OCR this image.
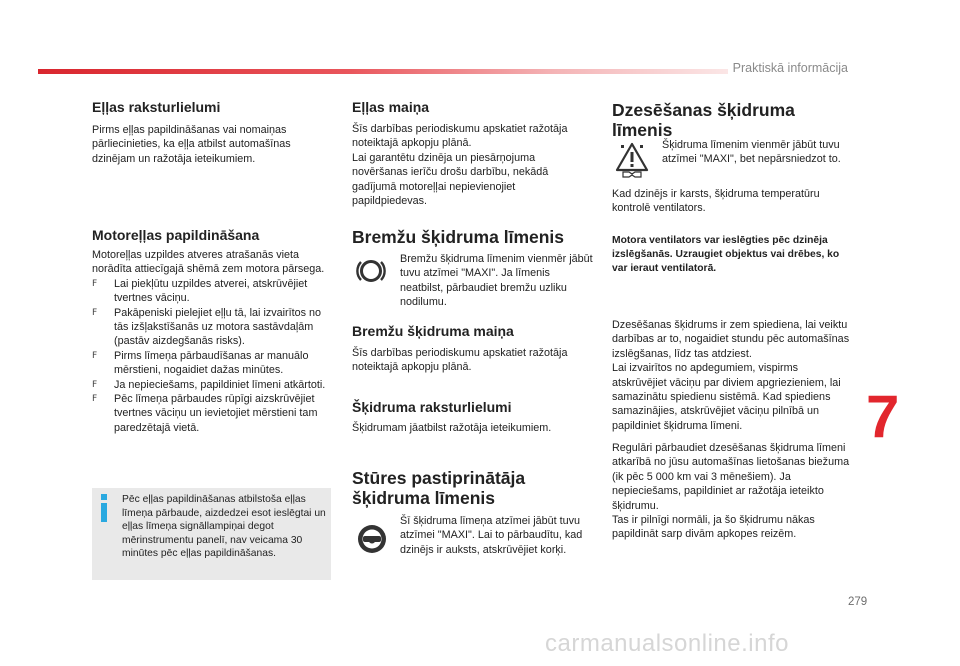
Praktiskā informācija
Eļļas raksturlielumi

Pirms eļļas papildināšanas vai nomaiņas pārliecinieties, ka eļļa atbilst automašīnas dzinējam un ražotāja ieteikumiem.

Motoreļļas papildināšana

Motoreļļas uzpildes atveres atrašanās vieta norādīta attiecīgajā shēmā zem motora pārsega.

F Lai piekļūtu uzpildes atverei, atskrūvējiet tvertnes vāciņu.
F Pakāpeniski pielejiet eļļu tā, lai izvairītos no tās izšļakstīšanās uz motora sastāvdaļām (pastāv aizdegšanās risks).
F Pirms līmeņa pārbaudīšanas ar manuālo mērstieni, nogaidiet dažas minūtes.
F Ja nepieciešams, papildiniet līmeni atkārtoti.
F Pēc līmeņa pārbaudes rūpīgi aizskrūvējiet tvertnes vāciņu un ievietojiet mērstieni tam paredzētajā vietā.
Pēc eļļas papildināšanas atbilstoša eļļas līmeņa pārbaude, aizdedzei esot ieslēgtai un eļļas līmeņa signāllampiņai degot mērinstrumentu panelī, nav veicama 30 minūtes pēc eļļas papildināšanas.
Eļļas maiņa

Šīs darbības periodiskumu apskatiet ražotāja noteiktajā apkopju plānā.

Lai garantētu dzinēja un piesārņojuma novēršanas ierīču drošu darbību, nekādā gadījumā motoreļļai nepievienojiet papildpiedevas.

Bremžu šķidruma līmenis
Bremžu šķidruma līmenim vienmēr jābūt tuvu atzīmei "MAXI". Ja līmenis neatbilst, pārbaudiet bremžu uzliku nodilumu.
Bremžu šķidruma maiņa

Šīs darbības periodiskumu apskatiet ražotāja noteiktajā apkopju plānā.

Šķidruma raksturlielumi

Šķidrumam jāatbilst ražotāja ieteikumiem.

Stūres pastiprinātāja šķidruma līmenis
Šī šķidruma līmeņa atzīmei jābūt tuvu atzīmei "MAXI". Lai to pārbaudītu, kad dzinējs ir auksts, atskrūvējiet korķi.
Dzesēšanas šķidruma līmenis
Šķidruma līmenim vienmēr jābūt tuvu atzīmei "MAXI", bet nepārsniedzot to.
Kad dzinējs ir karsts, šķidruma temperatūru kontrolē ventilators.
Motora ventilators var ieslēgties pēc dzinēja izslēgšanās. Uzraugiet objektus vai drēbes, ko var ieraut ventilatorā.

Dzesēšanas šķidrums ir zem spiediena, lai veiktu darbības ar to, nogaidiet stundu pēc automašīnas izslēgšanas, līdz tas atdziest.

Lai izvairītos no apdegumiem, vispirms atskrūvējiet vāciņu par diviem apgriezieniem, lai samazinātu spiedienu sistēmā. Kad spiediens samazinājies, atskrūvējiet vāciņu pilnībā un papildiniet šķidruma līmeni.

Regulāri pārbaudiet dzesēšanas šķidruma līmeni atkarībā no jūsu automašīnas lietošanas biežuma (ik pēc 5 000 km vai 3 mēnešiem). Ja nepieciešams, papildiniet ar ražotāja ieteikto šķidrumu.

Tas ir pilnīgi normāli, ja šo šķidrumu nākas papildināt sarp divām apkopes reizēm.

7
279
carmanualsonline.info
